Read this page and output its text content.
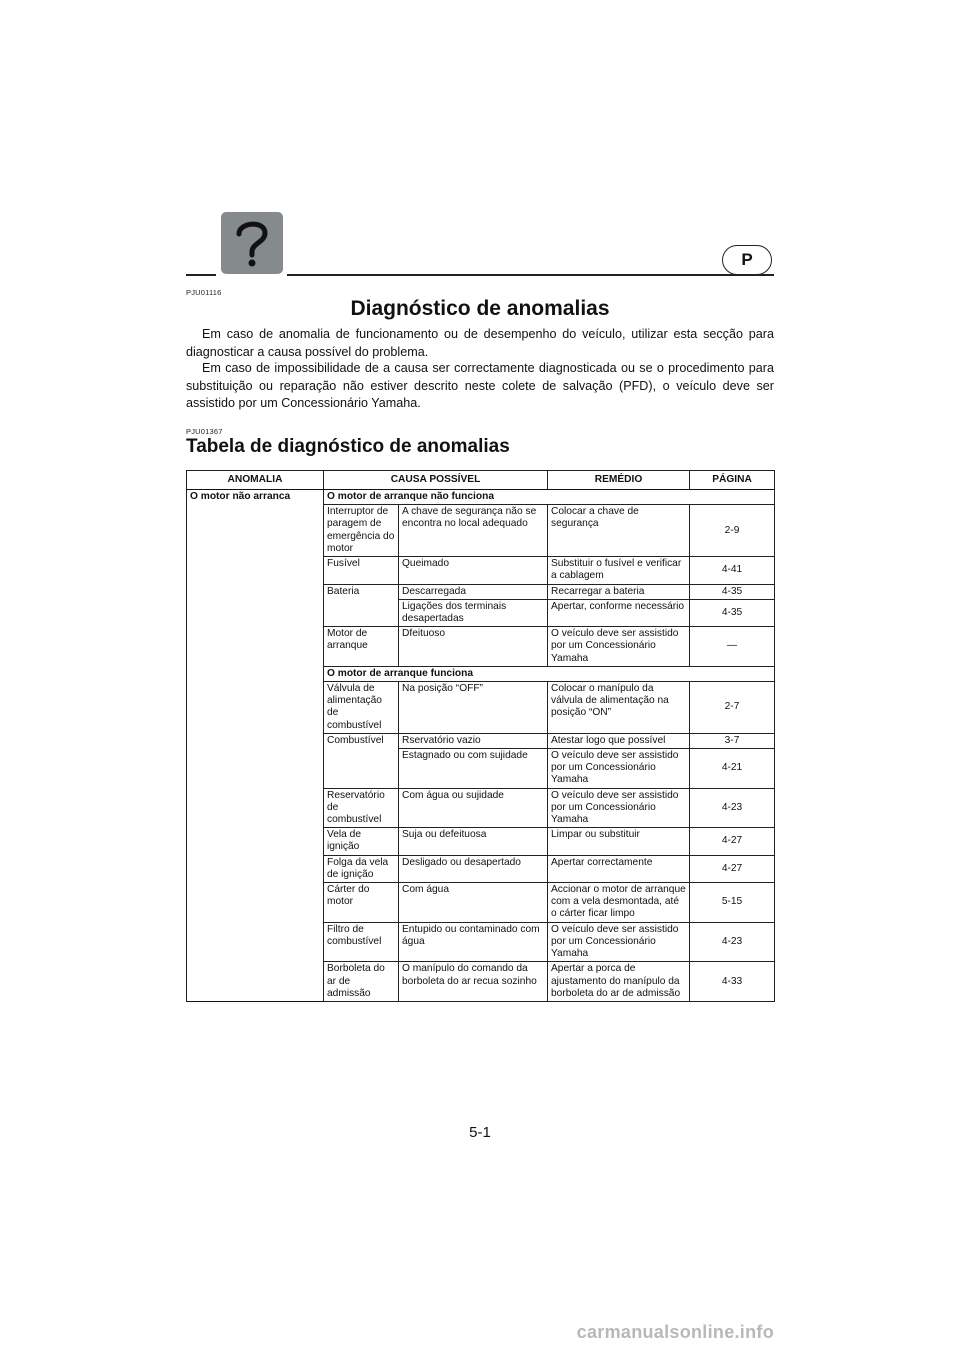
P
PJU01116
Diagnóstico de anomalias
Em caso de anomalia de funcionamento ou de desempenho do veículo, utilizar esta secção para diagnosticar a causa possível do problema.
Em caso de impossibilidade de a causa ser correctamente diagnosticada ou se o procedimento para substituição ou reparação não estiver descrito neste colete de salvação (PFD), o veículo deve ser assistido por um Concessionário Yamaha.
PJU01367
Tabela de diagnóstico de anomalias
ANOMALIA	CAUSA POSSÍVEL		REMÉDIO	PÁGINA
O motor não arranca	O motor de arranque não funciona			
	Interruptor de paragem de emergência do motor	A chave de segurança não se encontra no local adequado	Colocar a chave de segurança	2-9
	Fusível	Queimado	Substituir o fusível e verificar a cablagem	4-41
	Bateria	Descarregada	Recarregar a bateria	4-35
		Ligações dos terminais desapertadas	Apertar, conforme necessário	4-35
	Motor de arranque	Dfeituoso	O veículo deve ser assistido por um Concessionário Yamaha	—
	O motor de arranque funciona			
	Válvula de alimentação de combustível	Na posição “OFF”	Colocar o manípulo da válvula de alimentação na posição “ON”	2-7
	Combustível	Rservatório vazio	Atestar logo que possível	3-7
		Estagnado ou com sujidade	O veículo deve ser assistido por um Concessionário Yamaha	4-21
	Reservatório de combustível	Com água ou sujidade	O veículo deve ser assistido por um Concessionário Yamaha	4-23
	Vela de ignição	Suja ou defeituosa	Limpar ou substituir	4-27
	Folga da vela de ignição	Desligado ou desapertado	Apertar correctamente	4-27
	Cárter do motor	Com água	Accionar o motor de arranque com a vela desmontada, até o cárter ficar limpo	5-15
	Filtro de combustível	Entupido ou contaminado com água	O veículo deve ser assistido por um Concessionário Yamaha	4-23
	Borboleta do ar de admissão	O manípulo do comando da borboleta do ar recua sozinho	Apertar a porca de ajustamento do manípulo da borboleta do ar de admissão	4-33
5-1
carmanualsonline.info
